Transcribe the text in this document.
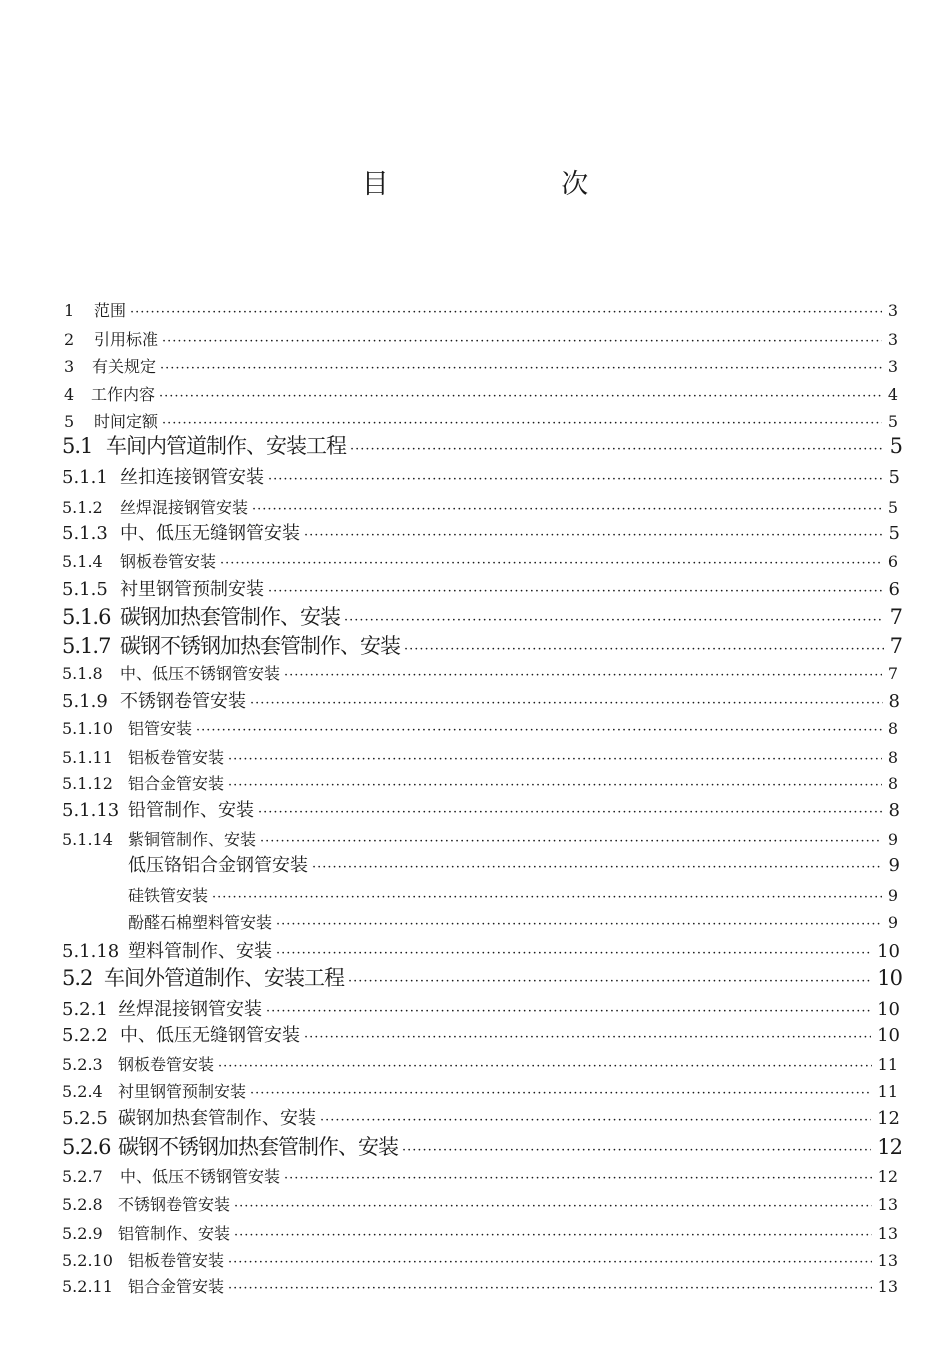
目 次
1	范围 ·····	3
2	引用标准 ·····	3
3	有关规定 ·····	3
4	工作内容 ·····	4
5	时间定额 ·····	5
5.1 车间内管道制作、安装工程 ·····	5
5.1.1 丝扣连接钢管安装 ·····	5
5.1.2	丝焊混接钢管安装 ·····	5
5.1.3 中、低压无缝钢管安装 ·····	5
5.1.4	钢板卷管安装 ·····	6
5.1.5 衬里钢管预制安装 ·····	6
5.1.6 碳钢加热套管制作、安装 ·····	7
5.1.7 碳钢不锈钢加热套管制作、安装 ·····	7
5.1.8	中、低压不锈钢管安装 ·····	7
5.1.9 不锈钢卷管安装 ·····	8
5.1.10 铝管安装 ·····	8
5.1.11 铝板卷管安装 ·····	8
5.1.12 铝合金管安装 ·····	8
5.1.13 铅管制作、安装 ·····	8
5.1.14 紫铜管制作、安装 ·····	9
低压铬铝合金钢管安装 ·····	9
硅铁管安装 ·····	9
酚醛石棉塑料管安装 ·····	9
5.1.18 塑料管制作、安装 ·····	10
5.2 车间外管道制作、安装工程 ·····	10
5.2.1 丝焊混接钢管安装 ·····	10
5.2.2 中、低压无缝钢管安装 ·····	10
5.2.3 钢板卷管安装 ·····	11
5.2.4 衬里钢管预制安装 ·····	11
5.2.5 碳钢加热套管制作、安装 ·····	12
5.2.6 碳钢不锈钢加热套管制作、安装 ·····	12
5.2.7	中、低压不锈钢管安装 ·····	12
5.2.8 不锈钢卷管安装 ·····	13
5.2.9 铝管制作、安装 ·····	13
5.2.10 铝板卷管安装 ·····	13
5.2.11 铝合金管安装 ·····	13
